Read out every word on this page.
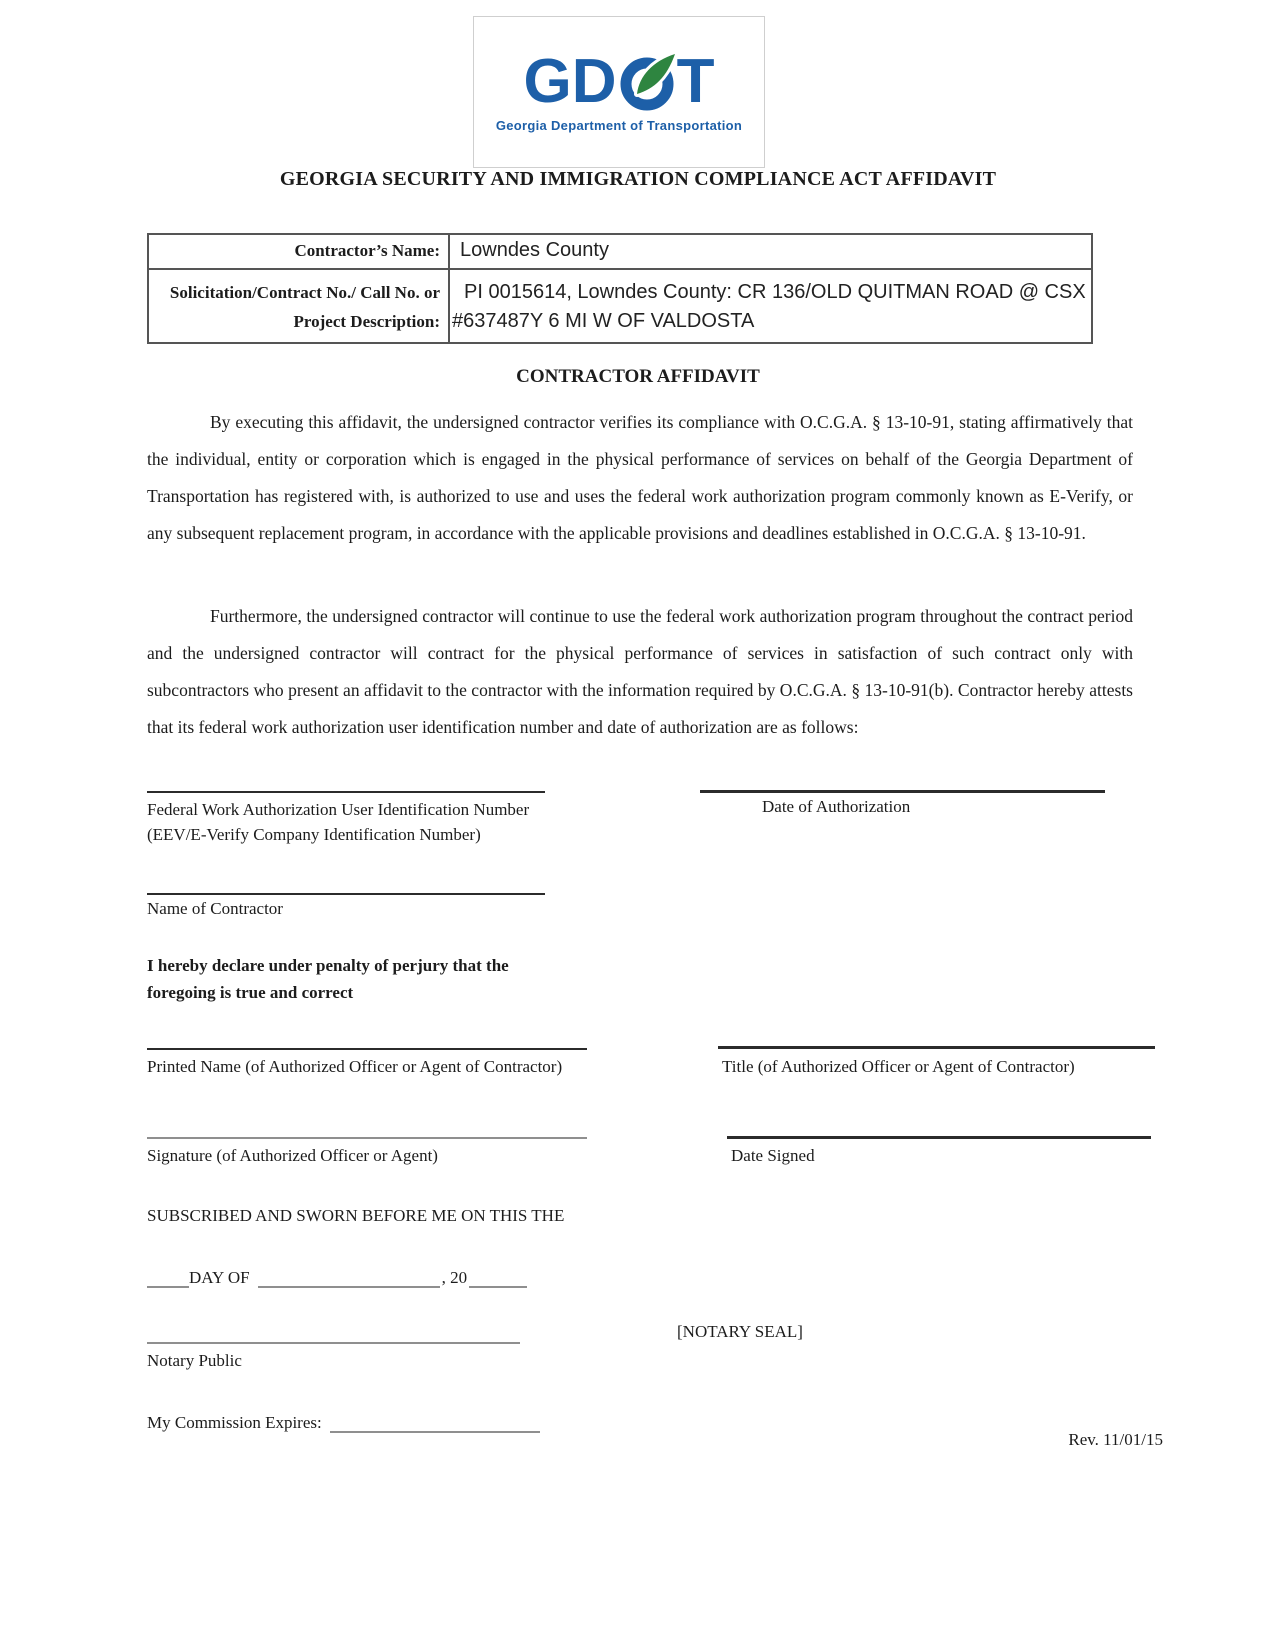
G D T
Georgia Department of Transportation
GEORGIA SECURITY AND IMMIGRATION COMPLIANCE ACT AFFIDAVIT
Contractor’s Name:	Lowndes County
Solicitation/Contract No./ Call No. or Project Description:
PI 0015614, Lowndes County: CR 136/OLD QUITMAN ROAD @ CSX
#637487Y 6 MI W OF VALDOSTA
CONTRACTOR AFFIDAVIT
By executing this affidavit, the undersigned contractor verifies its compliance with O.C.G.A. § 13-10-91, stating affirmatively that the individual, entity or corporation which is engaged in the physical performance of services on behalf of the Georgia Department of Transportation has registered with, is authorized to use and uses the federal work authorization program commonly known as E-Verify, or any subsequent replacement program, in accordance with the applicable provisions and deadlines established in O.C.G.A. § 13-10-91.
Furthermore, the undersigned contractor will continue to use the federal work authorization program throughout the contract period and the undersigned contractor will contract for the physical performance of services in satisfaction of such contract only with subcontractors who present an affidavit to the contractor with the information required by O.C.G.A. § 13-10-91(b). Contractor hereby attests that its federal work authorization user identification number and date of authorization are as follows:
Federal Work Authorization User Identification Number
(EEV/E-Verify Company Identification Number)
Date of Authorization
Name of Contractor
I hereby declare under penalty of perjury that the
foregoing is true and correct
Printed Name (of Authorized Officer or Agent of Contractor)	Title (of Authorized Officer or Agent of Contractor)
Signature (of Authorized Officer or Agent)	Date Signed
SUBSCRIBED AND SWORN BEFORE ME ON THIS THE
DAY OF	, 20
[NOTARY SEAL]
Notary Public
My Commission Expires:
Rev. 11/01/15
